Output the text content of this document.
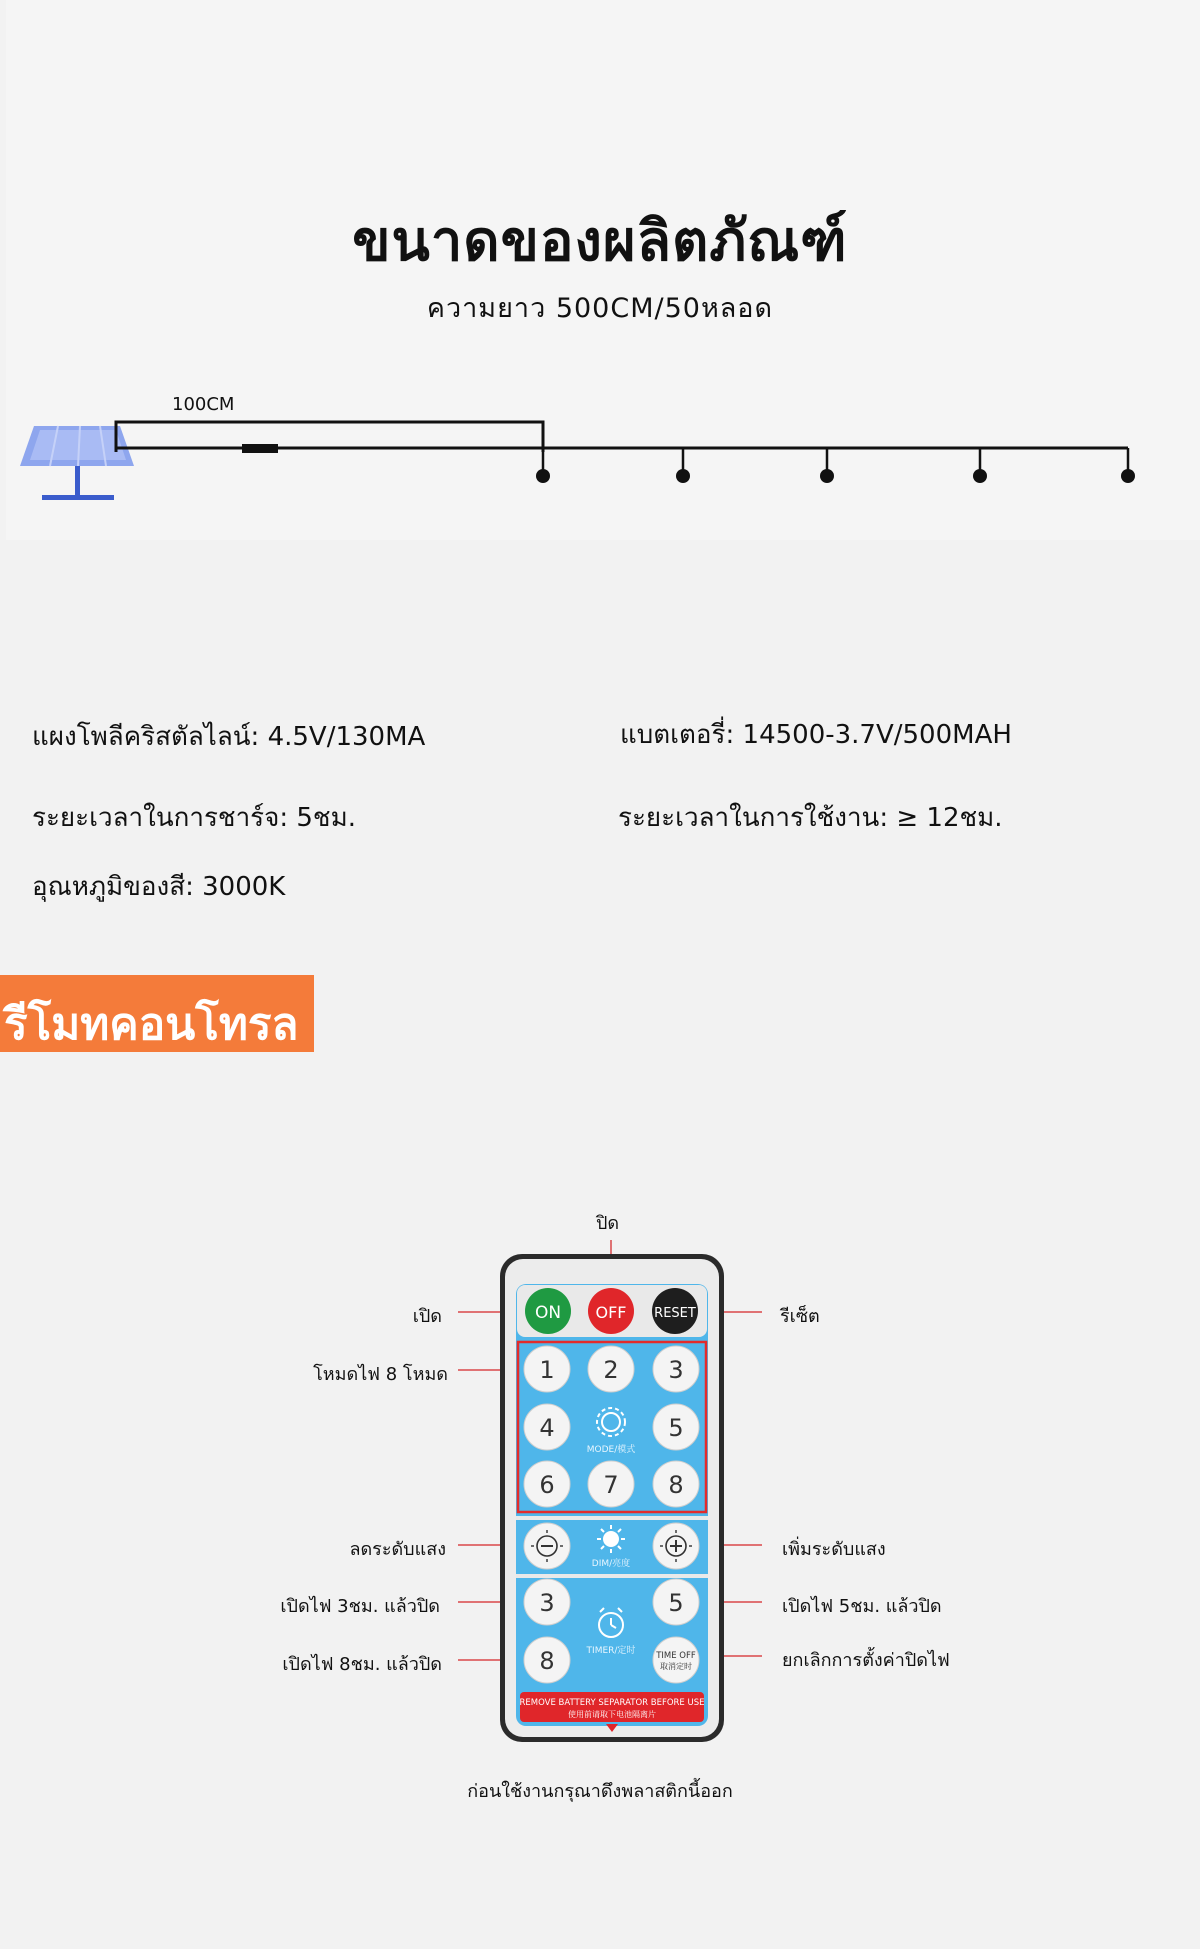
ขนาดของผลิตภัณฑ์
ความยาว 500CM/50หลอด
100CM
แผงโพลีคริสตัลไลน์: 4.5V/130MA	แบตเตอรี่: 14500-3.7V/500MAH
ระยะเวลาในการชาร์จ: 5ชม.	ระยะเวลาในการใช้งาน: ≥ 12ชม.
อุณหภูมิของสี: 3000K
รีโมทคอนโทรล
ON OFF RESET
1 2 3
4	5
6 7 8
MODE/模式
DIM/亮度
3	5
8	TIMER/定时 TIME OFF
取消定时
REMOVE BATTERY SEPARATOR BEFORE USE
使用前请取下电池隔离片
ปิด
เปิด	รีเซ็ต
โหมดไฟ 8 โหมด
ลดระดับแสง	เพิ่มระดับแสง
เปิดไฟ 3ชม. แล้วปิด	เปิดไฟ 5ชม. แล้วปิด
เปิดไฟ 8ชม. แล้วปิด	ยกเลิกการตั้งค่าปิดไฟ
ก่อนใช้งานกรุณาดึงพลาสติกนี้ออก
